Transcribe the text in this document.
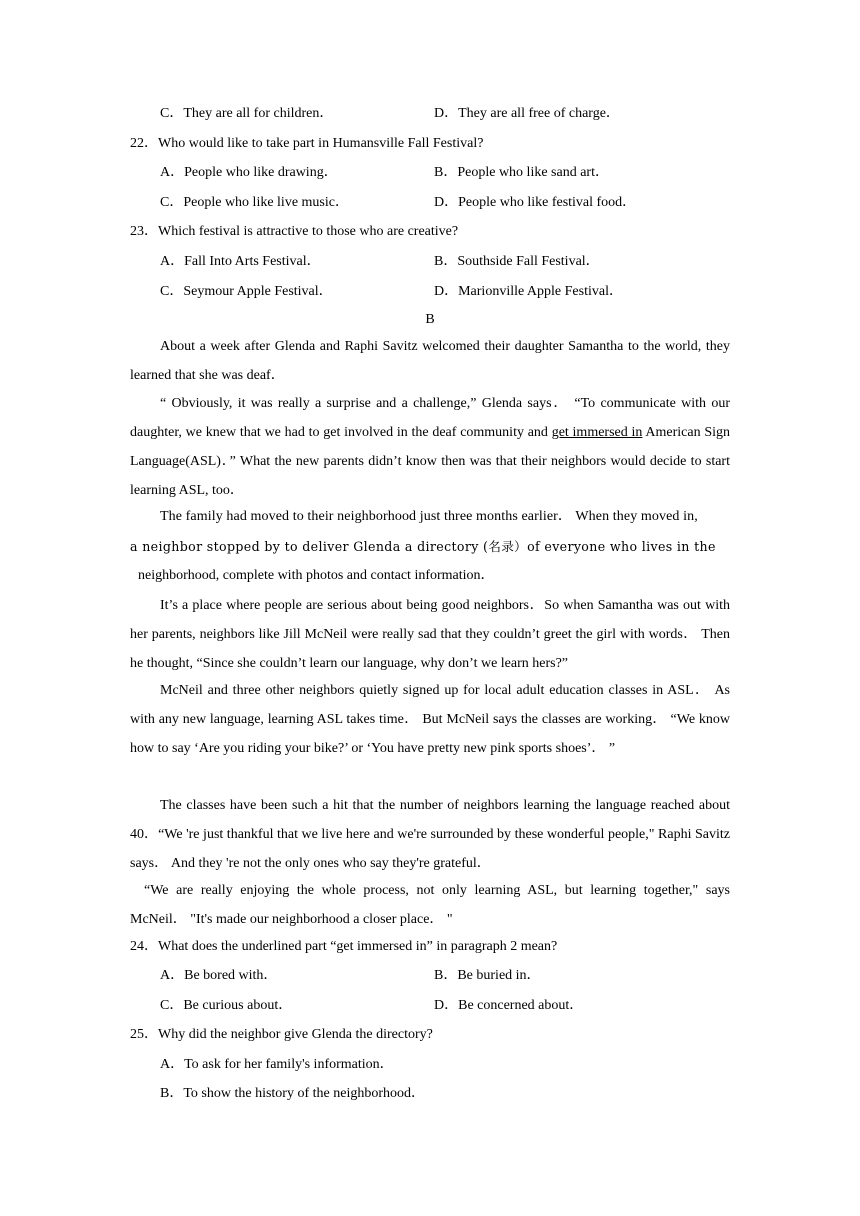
C．They are all for children．	D．They are all free of charge．
22．Who would like to take part in Humansville Fall Festival?
A．People who like drawing．	B．People who like sand art．
C．People who like live music．	D．People who like festival food．
23．Which festival is attractive to those who are creative?
A．Fall Into Arts Festival．	B．Southside Fall Festival．
C．Seymour Apple Festival．	D．Marionville Apple Festival．
B
About a week after Glenda and Raphi Savitz welcomed their daughter Samantha to the world, they learned that she was deaf．
“ Obviously, it was really a surprise and a challenge,” Glenda says． “To communicate with our daughter, we knew that we had to get involved in the deaf community and get immersed in American Sign Language(ASL)．” What the new parents didn’t know then was that their neighbors would decide to start learning ASL, too．
The family had moved to their neighborhood just three months earlier． When they moved in,
a neighbor stopped by to deliver Glenda a directory (名录）of everyone who lives in the
neighborhood, complete with photos and contact information．
It’s a place where people are serious about being good neighbors．So when Samantha was out with her parents, neighbors like Jill McNeil were really sad that they couldn’t greet the girl with words． Then he thought, “Since she couldn’t learn our language, why don’t we learn hers?”
McNeil and three other neighbors quietly signed up for local adult education classes in ASL． As with any new language, learning ASL takes time． But McNeil says the classes are working． “We know how to say ‘Are you riding your bike?’ or ‘You have pretty new pink sports shoes’． ”
The classes have been such a hit that the number of neighbors learning the language reached about 40．“We 're just thankful that we live here and we're surrounded by these wonderful people," Raphi Savitz says． And they 're not the only ones who say they're grateful．
“We are really enjoying the whole process, not only learning ASL, but learning together," says McNeil． "It's made our neighborhood a closer place． "
24．What does the underlined part “get immersed in” in paragraph 2 mean?
A．Be bored with．	B．Be buried in．
C．Be curious about．	D．Be concerned about．
25．Why did the neighbor give Glenda the directory?
A．To ask for her family's information．
B．To show the history of the neighborhood．
